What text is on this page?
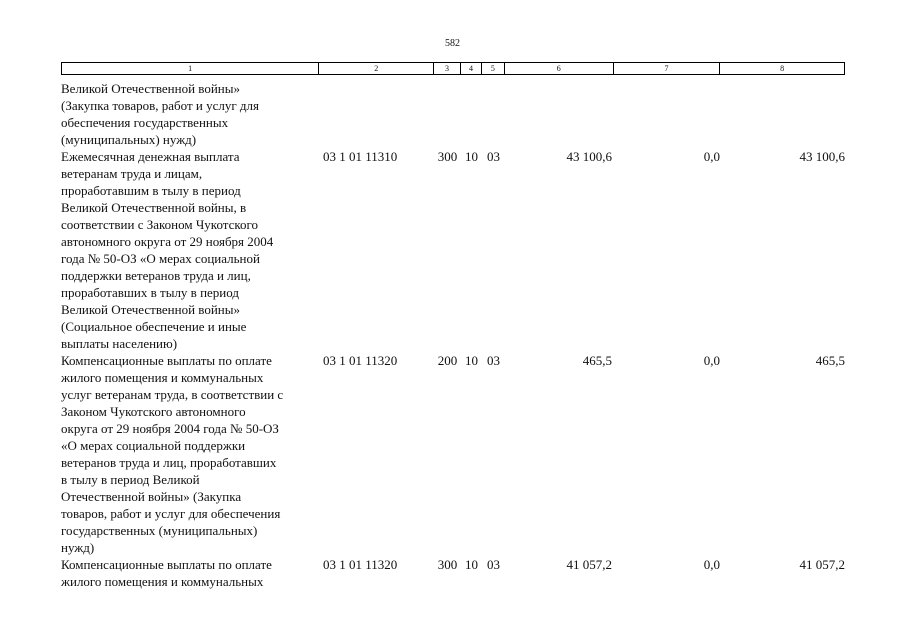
582
1	2	3	4	5	6	7	8
Великой Отечественной войны»
(Закупка товаров, работ и услуг для
обеспечения государственных
(муниципальных) нужд)
Ежемесячная денежная выплата
ветеранам труда и лицам,
проработавшим в тылу в период
Великой Отечественной войны, в
соответствии с Законом Чукотского
автономного округа от 29 ноября 2004
года № 50-ОЗ «О мерах социальной
поддержки ветеранов труда и лиц,
проработавших в тылу в период
Великой Отечественной войны»
(Социальное обеспечение и иные
выплаты населению)
03 1 01 11310	300 10 03	43 100,6	0,0	43 100,6
Компенсационные выплаты по оплате
жилого помещения и коммунальных
услуг ветеранам труда, в соответствии с
Законом Чукотского автономного
округа от 29 ноября 2004 года № 50-ОЗ
«О мерах социальной поддержки
ветеранов труда и лиц, проработавших
в тылу в период Великой
Отечественной войны» (Закупка
товаров, работ и услуг для обеспечения
государственных (муниципальных)
нужд)
03 1 01 11320	200 10 03	465,5	0,0	465,5
Компенсационные выплаты по оплате
жилого помещения и коммунальных
03 1 01 11320	300 10 03	41 057,2	0,0	41 057,2
